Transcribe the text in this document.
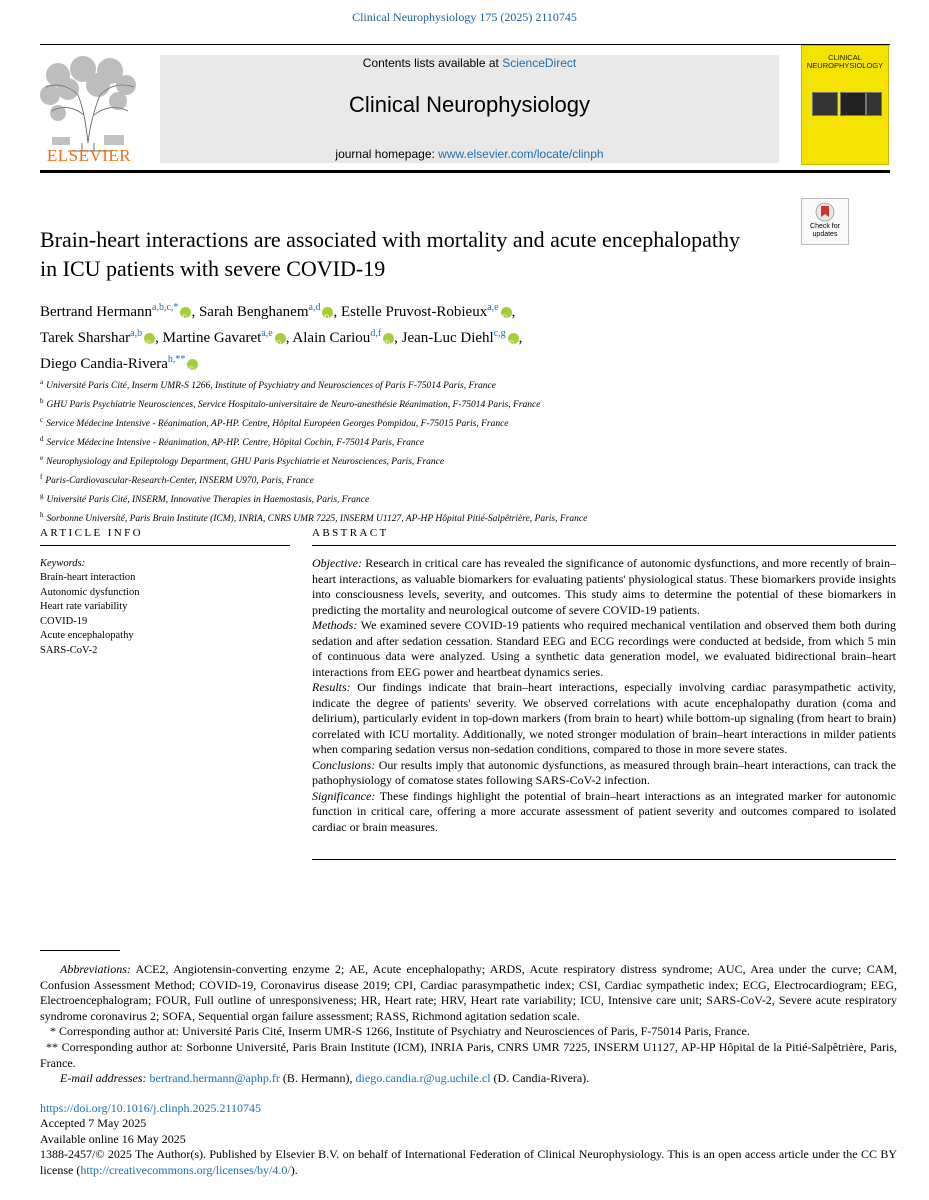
Clinical Neurophysiology 175 (2025) 2110745
ELSEVIER
Contents lists available at ScienceDirect
Clinical Neurophysiology
journal homepage: www.elsevier.com/locate/clinph
CLINICAL NEUROPHYSIOLOGY
Check for updates
Brain-heart interactions are associated with mortality and acute encephalopathy in ICU patients with severe COVID-19
Bertrand Hermann$^{a,b,c,*}$ iD , Sarah Benghanem$^{a,d}$ iD , Estelle Pruvost-Robieux$^{a,e}$ iD ,
Tarek Sharshar$^{a,b}$ iD , Martine Gavaret$^{a,e}$ iD , Alain Cariou$^{d,f}$ iD , Jean-Luc Diehl$^{c,g}$ iD ,
Diego Candia-Rivera$^{h,**}$iD
$^a$ Université Paris Cité, Inserm UMR-S 1266, Institute of Psychiatry and Neurosciences of Paris F-75014 Paris, France
$^b$ GHU Paris Psychiatrie Neurosciences, Service Hospitalo-universitaire de Neuro-anesthésie Réanimation, F-75014 Paris, France
$^c$ Service Médecine Intensive - Réanimation, AP-HP. Centre, Hôpital Européen Georges Pompidou, F-75015 Paris, France
$^d$ Service Médecine Intensive - Réanimation, AP-HP. Centre, Hôpital Cochin, F-75014 Paris, France
$^e$ Neurophysiology and Epileptology Department, GHU Paris Psychiatrie et Neurosciences, Paris, France
$^f$ Paris-Cardiovascular-Research-Center, INSERM U970, Paris, France
$^g$ Université Paris Cité, INSERM, Innovative Therapies in Haemostasis, Paris, France
$^h$ Sorbonne Université, Paris Brain Institute (ICM), INRIA, CNRS UMR 7225, INSERM U1127, AP-HP Hôpital Pitié-Salpêtrière, Paris, France
ARTICLE INFO
Keywords:
Brain-heart interaction
Autonomic dysfunction
Heart rate variability
COVID-19
Acute encephalopathy
SARS-CoV-2
ABSTRACT

Objective: Research in critical care has revealed the significance of autonomic dysfunctions, and more recently of brain–heart interactions, as valuable biomarkers for evaluating patients' physiological status. These biomarkers provide insights into consciousness levels, severity, and outcomes. This study aims to determine the potential of these biomarkers in predicting the mortality and neurological outcome of severe COVID-19 patients.

Methods: We examined severe COVID-19 patients who required mechanical ventilation and observed them both during sedation and after sedation cessation. Standard EEG and ECG recordings were conducted at bedside, from which 5 min of continuous data were analyzed. Using a synthetic data generation model, we evaluated bidirectional brain–heart interactions from EEG power and heartbeat dynamics series.

Results: Our findings indicate that brain–heart interactions, especially involving cardiac parasympathetic activity, indicate the degree of patients' severity. We observed correlations with acute encephalopathy duration (coma and delirium), particularly evident in top-down markers (from brain to heart) while bottom-up signaling (from heart to brain) correlated with ICU mortality. Additionally, we noted stronger modulation of brain–heart interactions in milder patients when comparing sedation versus non-sedation conditions, compared to those in more severe states.

Conclusions: Our results imply that autonomic dysfunctions, as measured through brain–heart interactions, can track the pathophysiology of comatose states following SARS-CoV-2 infection.

Significance: These findings highlight the potential of brain–heart interactions as an integrated marker for autonomic function in critical care, offering a more accurate assessment of patient severity and outcomes compared to isolated cardiac or brain measures.

Abbreviations: ACE2, Angiotensin-converting enzyme 2; AE, Acute encephalopathy; ARDS, Acute respiratory distress syndrome; AUC, Area under the curve; CAM, Confusion Assessment Method; COVID-19, Coronavirus disease 2019; CPI, Cardiac parasympathetic index; CSI, Cardiac sympathetic index; ECG, Electrocardiogram; EEG, Electroencephalogram; FOUR, Full outline of unresponsiveness; HR, Heart rate; HRV, Heart rate variability; ICU, Intensive care unit; SARS-CoV-2, Severe acute respiratory syndrome coronavirus 2; SOFA, Sequential organ failure assessment; RASS, Richmond agitation sedation scale.

* Corresponding author at: Université Paris Cité, Inserm UMR-S 1266, Institute of Psychiatry and Neurosciences of Paris, F-75014 Paris, France.

** Corresponding author at: Sorbonne Université, Paris Brain Institute (ICM), INRIA Paris, CNRS UMR 7225, INSERM U1127, AP-HP Hôpital de la Pitié-Salpêtrière, Paris, France.

E-mail addresses: bertrand.hermann@aphp.fr (B. Hermann), diego.candia.r@ug.uchile.cl (D. Candia-Rivera).

https://doi.org/10.1016/j.clinph.2025.2110745
Accepted 7 May 2025
Available online 16 May 2025
1388-2457/© 2025 The Author(s). Published by Elsevier B.V. on behalf of International Federation of Clinical Neurophysiology. This is an open access article under the CC BY license (http://creativecommons.org/licenses/by/4.0/).
